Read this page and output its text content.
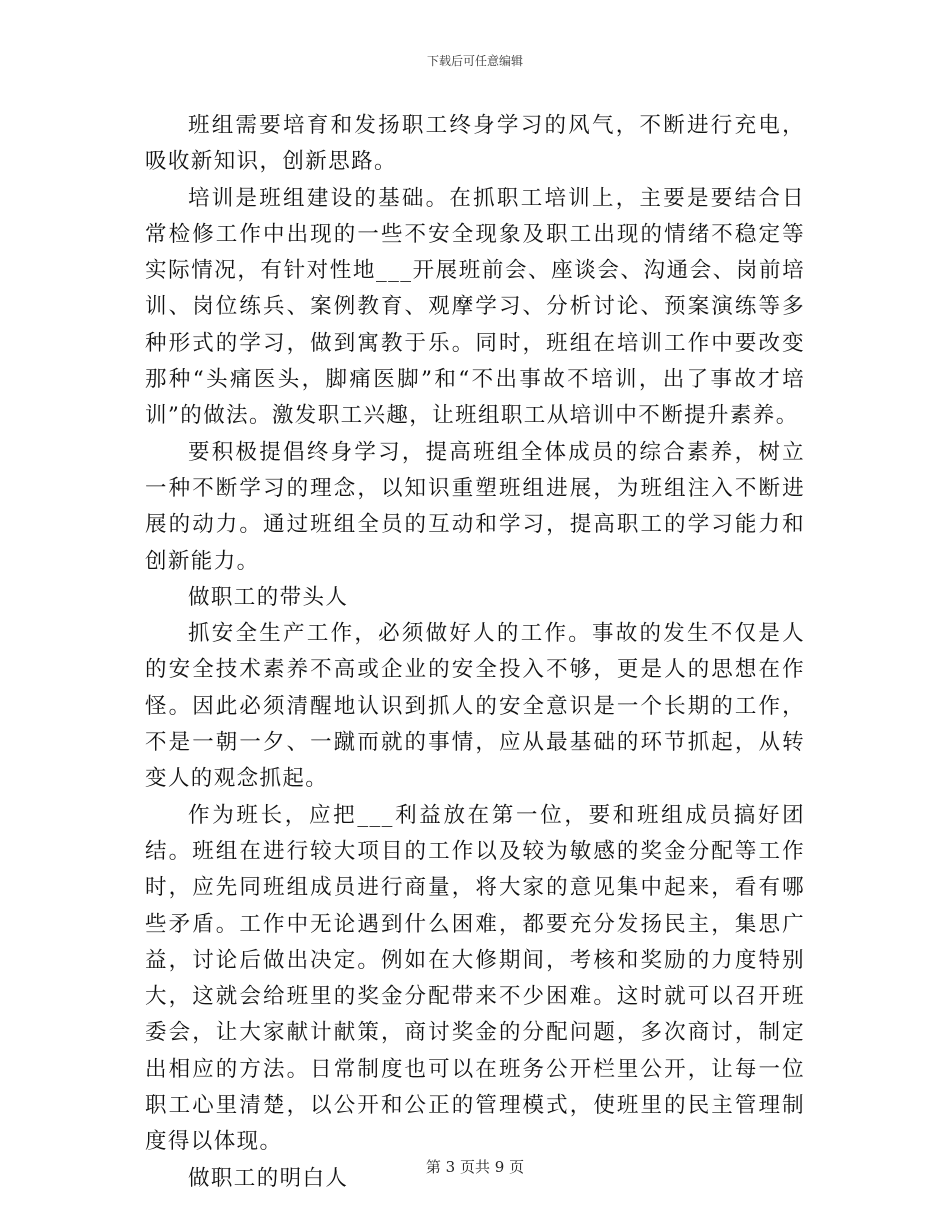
下载后可任意编辑

班组需要培育和发扬职工终身学习的风气，不断进行充电，吸收新知识，创新思路。

培训是班组建设的基础。在抓职工培训上，主要是要结合日常检修工作中出现的一些不安全现象及职工出现的情绪不稳定等实际情况，有针对性地___开展班前会、座谈会、沟通会、岗前培训、岗位练兵、案例教育、观摩学习、分析讨论、预案演练等多种形式的学习，做到寓教于乐。同时，班组在培训工作中要改变那种“头痛医头，脚痛医脚”和“不出事故不培训，出了事故才培训”的做法。激发职工兴趣，让班组职工从培训中不断提升素养。

要积极提倡终身学习，提高班组全体成员的综合素养，树立一种不断学习的理念，以知识重塑班组进展，为班组注入不断进展的动力。通过班组全员的互动和学习，提高职工的学习能力和创新能力。

做职工的带头人

抓安全生产工作，必须做好人的工作。事故的发生不仅是人的安全技术素养不高或企业的安全投入不够，更是人的思想在作怪。因此必须清醒地认识到抓人的安全意识是一个长期的工作，不是一朝一夕、一蹴而就的事情，应从最基础的环节抓起，从转变人的观念抓起。

作为班长，应把___利益放在第一位，要和班组成员搞好团结。班组在进行较大项目的工作以及较为敏感的奖金分配等工作时，应先同班组成员进行商量，将大家的意见集中起来，看有哪些矛盾。工作中无论遇到什么困难，都要充分发扬民主，集思广益，讨论后做出决定。例如在大修期间，考核和奖励的力度特别大，这就会给班里的奖金分配带来不少困难。这时就可以召开班委会，让大家献计献策，商讨奖金的分配问题，多次商讨，制定出相应的方法。日常制度也可以在班务公开栏里公开，让每一位职工心里清楚，以公开和公正的管理模式，使班里的民主管理制度得以体现。

做职工的明白人	第 3 页共 9 页
